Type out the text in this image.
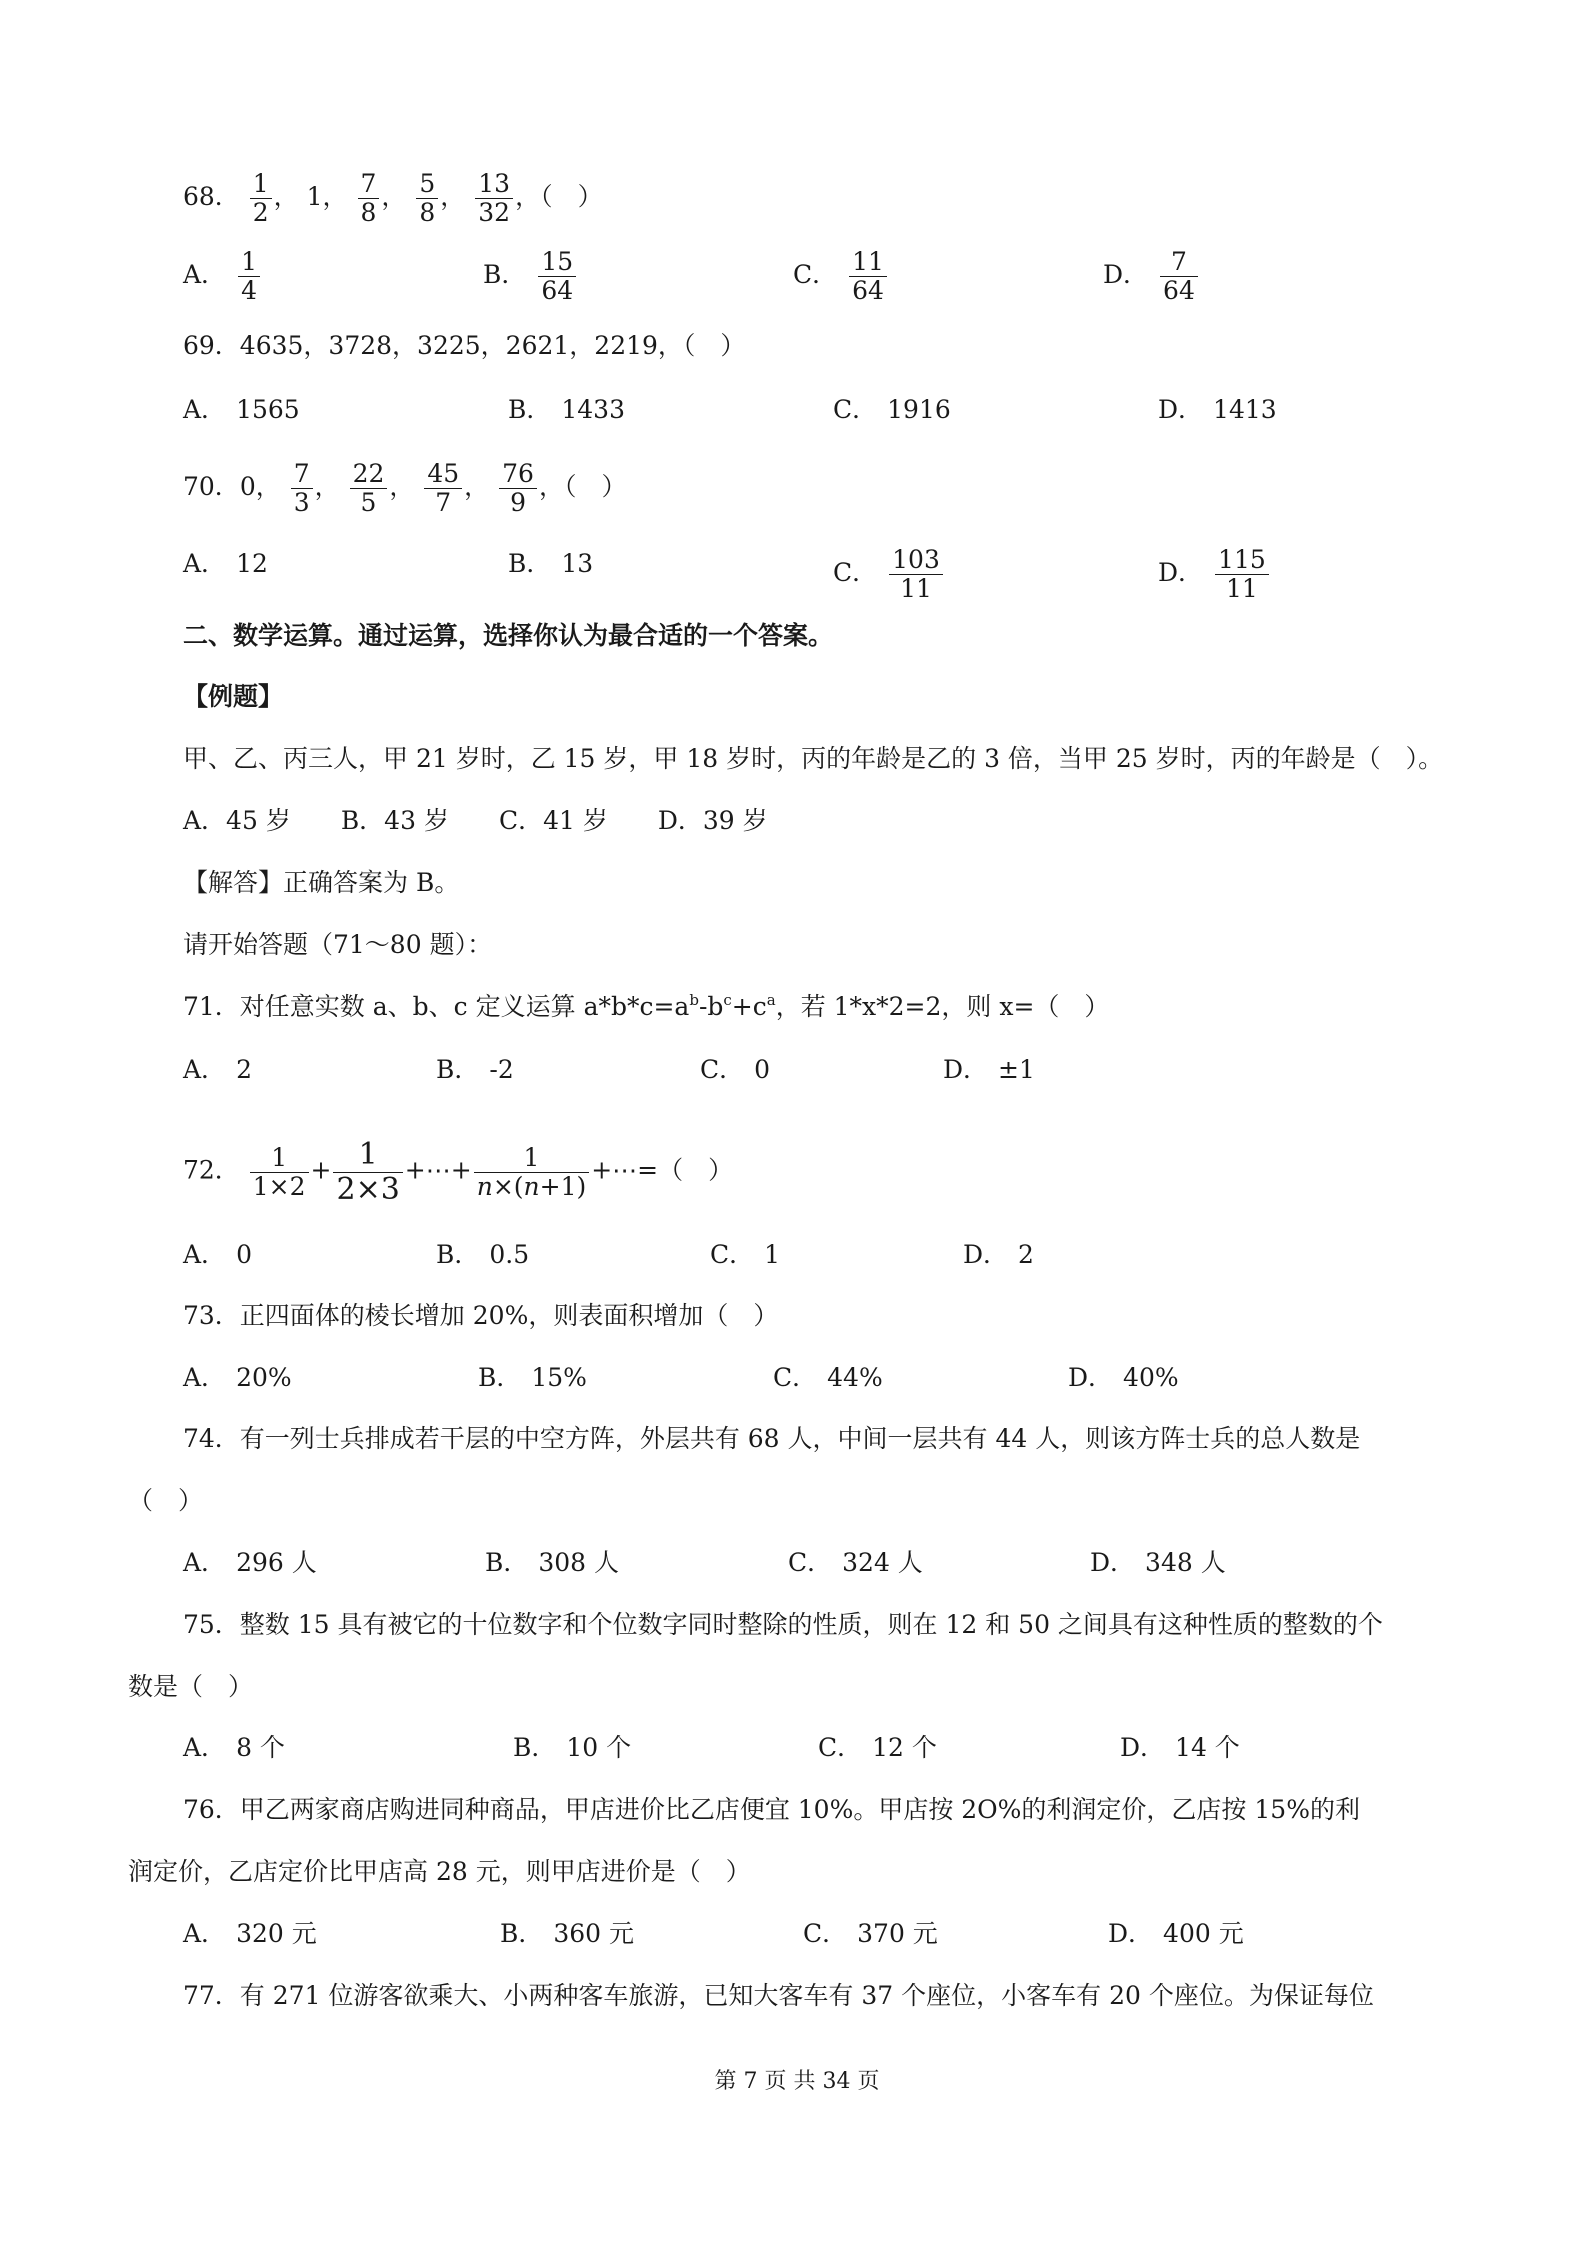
68． $\frac{1}{2}$ ， 1， $\frac{7}{8}$ ， $\frac{5}{8}$ ， $\frac{13}{32}$ ，（　）
A． $\frac{1}{4}$	B． $\frac{15}{64}$	C． $\frac{11}{64}$	D． $\frac{7}{64}$
69．4635，3728，3225，2621，2219，（　）
A． 1565	B． 1433	C． 1916	D． 1413
70．0， $\frac{7}{3}$ ， $\frac{22}{5}$ ， $\frac{45}{7}$ ， $\frac{76}{9}$ ，（　）
A． 12	B． 13	C． $\frac{103}{11}$	D． $\frac{115}{11}$
二、数学运算。通过运算，选择你认为最合适的一个答案。
【例题】
甲、乙、丙三人，甲 21 岁时，乙 15 岁，甲 18 岁时，丙的年龄是乙的 3 倍，当甲 25 岁时，丙的年龄是（　）。
A．45 岁　　B．43 岁　　C．41 岁　　D．39 岁
【解答】正确答案为 B。
请开始答题（71～80 题）：
71．对任意实数 a、b、c 定义运算 $a*b*c=a^b-b^c+c^a$，若 1*x*2=2，则 x=（　）
A． 2	B． -2	C． 0	D． ±1
72． $\frac{1}{1\times 2} + \frac{1}{2\times 3}$ +⋯+ $\frac{1}{n\times(n+1)}$ +⋯=（　）
A． 0	B． 0.5	C． 1	D． 2
73．正四面体的棱长增加 20%，则表面积增加（　）
A． 20%	B． 15%	C． 44%	D． 40%
74．有一列士兵排成若干层的中空方阵，外层共有 68 人，中间一层共有 44 人，则该方阵士兵的总人数是
（　）
A． 296 人	B． 308 人	C． 324 人	D． 348 人
75．整数 15 具有被它的十位数字和个位数字同时整除的性质，则在 12 和 50 之间具有这种性质的整数的个
数是（　）
A． 8 个	B． 10 个	C． 12 个	D． 14 个
76．甲乙两家商店购进同种商品，甲店进价比乙店便宜 10%。甲店按 2O%的利润定价，乙店按 15%的利
润定价，乙店定价比甲店高 28 元，则甲店进价是（　）
A． 320 元	B． 360 元	C． 370 元	D． 400 元
77．有 271 位游客欲乘大、小两种客车旅游，已知大客车有 37 个座位，小客车有 20 个座位。为保证每位
第 7 页 共 34 页
